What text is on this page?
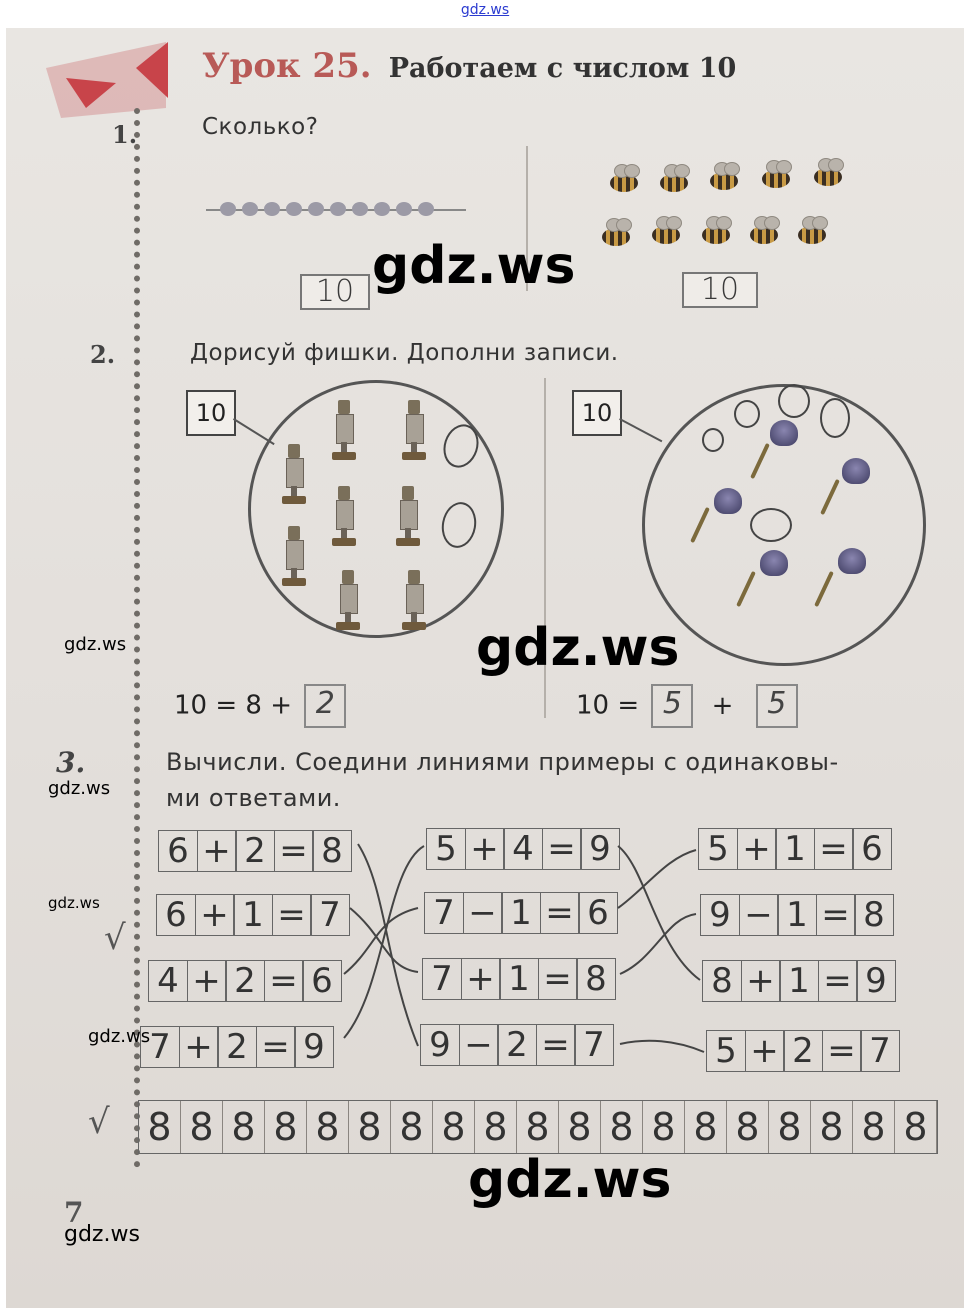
gdz.ws
Урок 25. Работаем с числом 10
1.	Сколько?
10	10
2.	Дорисуй фишки. Дополни записи.
10	10
10 = 8 + 2	10 = 5 + 5
3.	Вычисли. Соедини линиями примеры с одинаковы-
ми ответами.
6 + 2 = 8
6 + 1 = 7
4 + 2 = 6
7 + 2 = 9
5 + 4 = 9
7 − 1 = 6
7 + 1 = 8
9 − 2 = 7
5 + 1 = 6
9 − 1 = 8
8 + 1 = 9
5 + 2 = 7
√
√ 8 8 8 8 8 8 8 8 8 8 8 8 8 8 8 8 8 8 8
7
gdz.ws
gdz.ws
gdz.ws
gdz.ws
gdz.ws
gdz.ws
gdz.ws
gdz.ws
